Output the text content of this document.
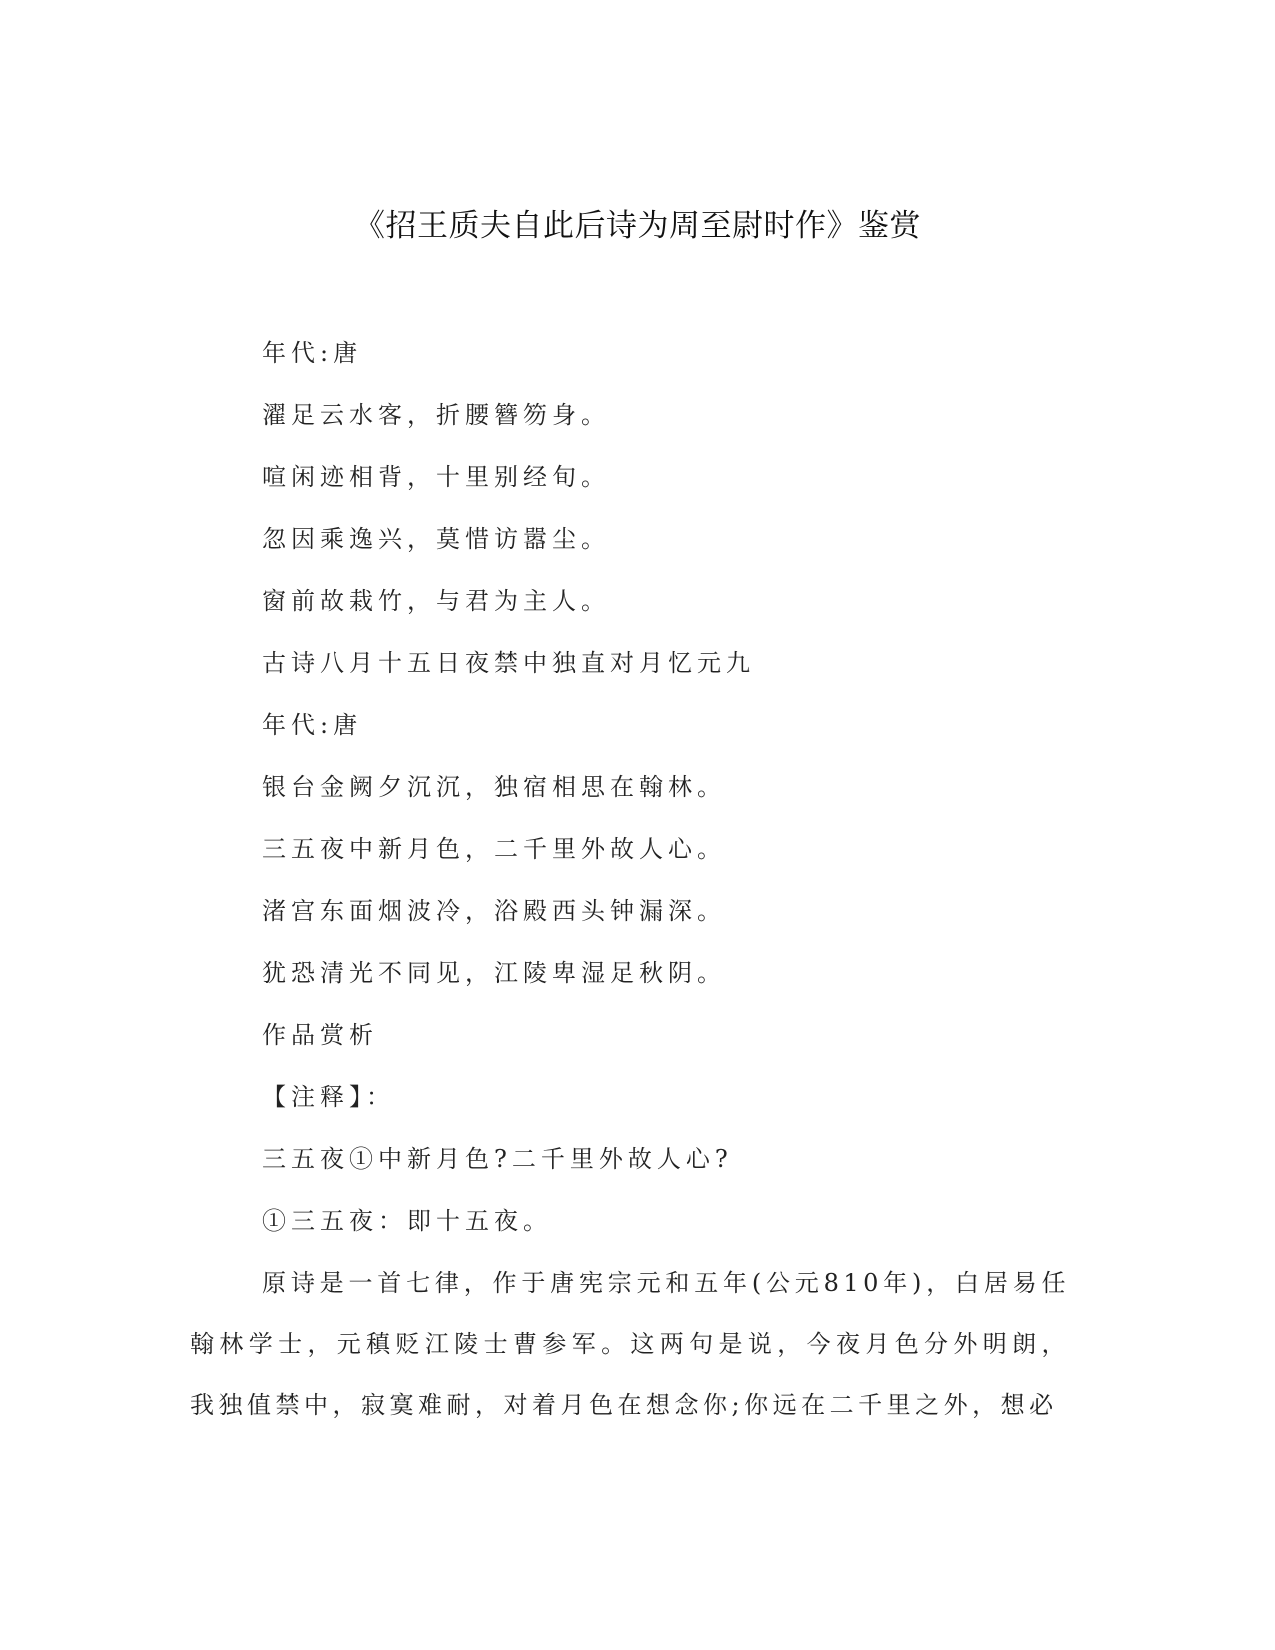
《招王质夫自此后诗为周至尉时作》鉴赏
年代:唐
濯足云水客，折腰簪笏身。
喧闲迹相背，十里别经旬。
忽因乘逸兴，莫惜访嚣尘。
窗前故栽竹，与君为主人。
古诗八月十五日夜禁中独直对月忆元九
年代:唐
银台金阙夕沉沉，独宿相思在翰林。
三五夜中新月色，二千里外故人心。
渚宫东面烟波冷，浴殿西头钟漏深。
犹恐清光不同见，江陵卑湿足秋阴。
作品赏析
【注释】：
三五夜①中新月色?二千里外故人心?
①三五夜：即十五夜。
原诗是一首七律，作于唐宪宗元和五年(公元810年)，白居易任翰林学士，元稹贬江陵士曹参军。这两句是说，今夜月色分外明朗，我独值禁中，寂寞难耐，对着月色在想念你;你远在二千里之外，想必
